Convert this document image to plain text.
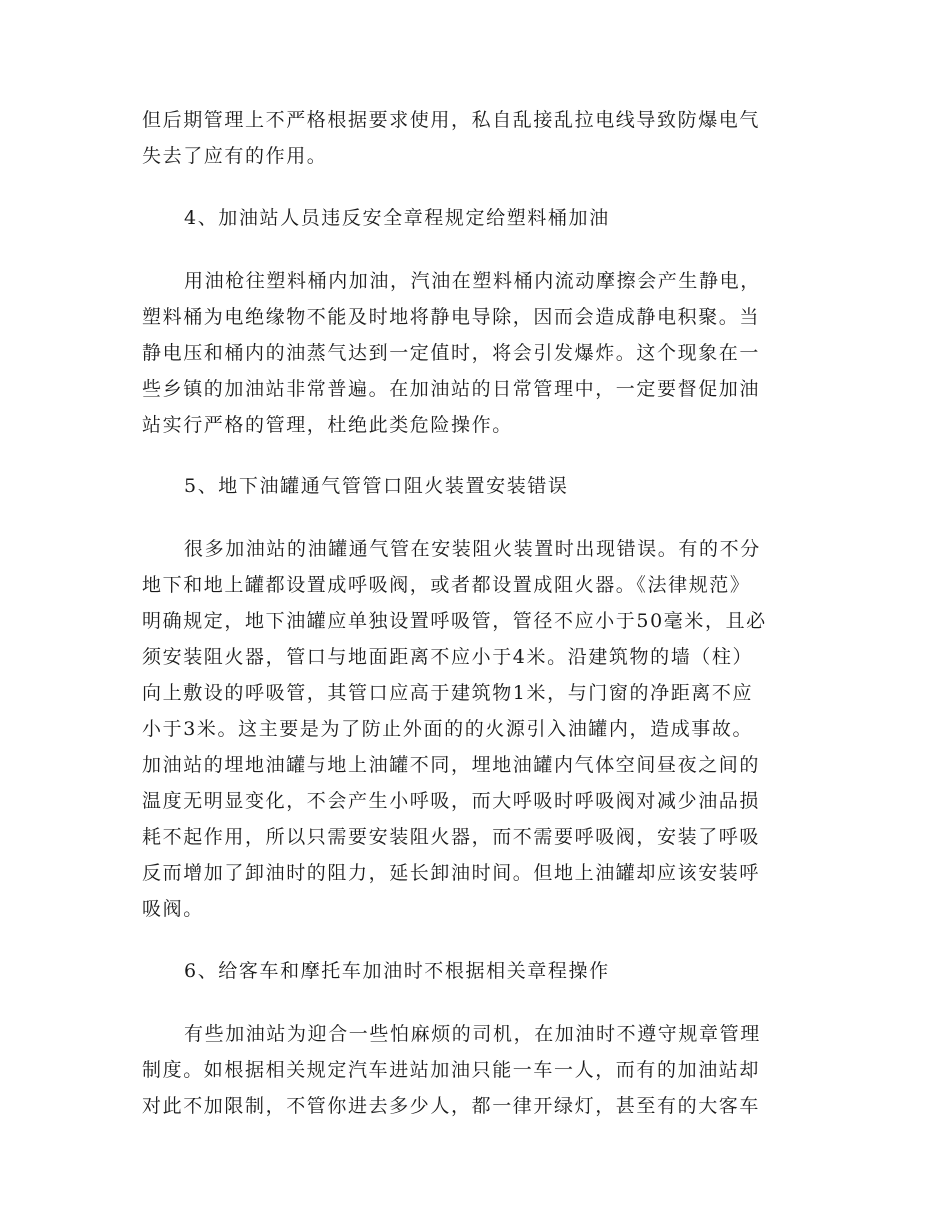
但后期管理上不严格根据要求使用，私自乱接乱拉电线导致防爆电气
失去了应有的作用。
4、加油站人员违反安全章程规定给塑料桶加油
用油枪往塑料桶内加油，汽油在塑料桶内流动摩擦会产生静电，
塑料桶为电绝缘物不能及时地将静电导除，因而会造成静电积聚。当
静电压和桶内的油蒸气达到一定值时，将会引发爆炸。这个现象在一
些乡镇的加油站非常普遍。在加油站的日常管理中，一定要督促加油
站实行严格的管理，杜绝此类危险操作。
5、地下油罐通气管管口阻火装置安装错误
很多加油站的油罐通气管在安装阻火装置时出现错误。有的不分
地下和地上罐都设置成呼吸阀，或者都设置成阻火器。《法律规范》
明确规定，地下油罐应单独设置呼吸管，管径不应小于50毫米，且必
须安装阻火器，管口与地面距离不应小于4米。沿建筑物的墙（柱）
向上敷设的呼吸管，其管口应高于建筑物1米，与门窗的净距离不应
小于3米。这主要是为了防止外面的的火源引入油罐内，造成事故。
加油站的埋地油罐与地上油罐不同，埋地油罐内气体空间昼夜之间的
温度无明显变化，不会产生小呼吸，而大呼吸时呼吸阀对减少油品损
耗不起作用，所以只需要安装阻火器，而不需要呼吸阀，安装了呼吸
反而增加了卸油时的阻力，延长卸油时间。但地上油罐却应该安装呼
吸阀。
6、给客车和摩托车加油时不根据相关章程操作
有些加油站为迎合一些怕麻烦的司机，在加油时不遵守规章管理
制度。如根据相关规定汽车进站加油只能一车一人，而有的加油站却
对此不加限制，不管你进去多少人，都一律开绿灯，甚至有的大客车
